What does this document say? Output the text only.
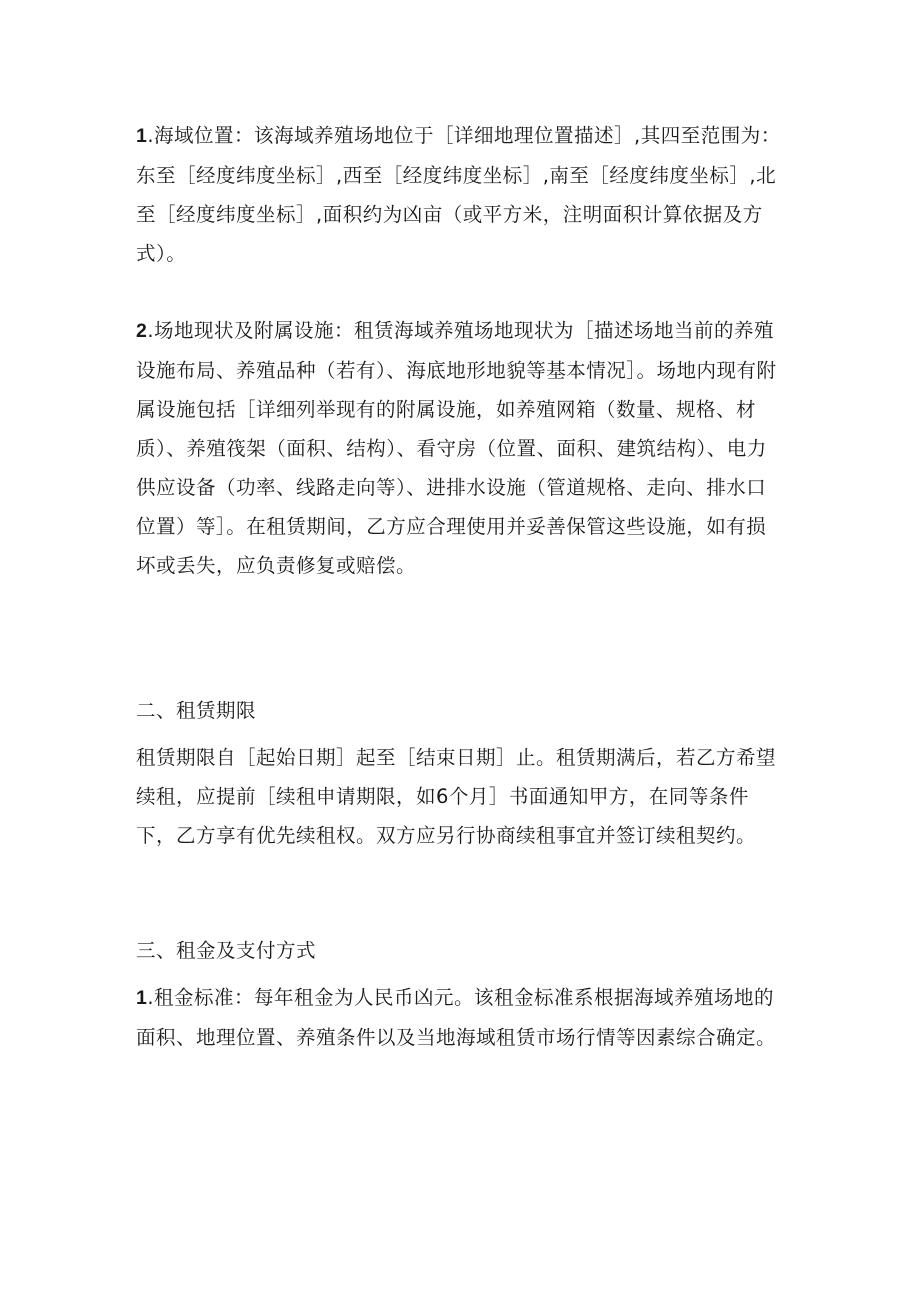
1.海域位置：该海域养殖场地位于［详细地理位置描述］,其四至范围为：东至［经度纬度坐标］,西至［经度纬度坐标］,南至［经度纬度坐标］,北至［经度纬度坐标］,面积约为凶亩（或平方米，注明面积计算依据及方式）。

2.场地现状及附属设施：租赁海域养殖场地现状为［描述场地当前的养殖设施布局、养殖品种（若有）、海底地形地貌等基本情况］。场地内现有附属设施包括［详细列举现有的附属设施，如养殖网箱（数量、规格、材质）、养殖筏架（面积、结构）、看守房（位置、面积、建筑结构）、电力供应设备（功率、线路走向等）、进排水设施（管道规格、走向、排水口位置）等］。在租赁期间，乙方应合理使用并妥善保管这些设施，如有损坏或丢失，应负责修复或赔偿。

二、租赁期限

租赁期限自［起始日期］起至［结束日期］止。租赁期满后，若乙方希望续租，应提前［续租申请期限，如6个月］书面通知甲方，在同等条件下，乙方享有优先续租权。双方应另行协商续租事宜并签订续租契约。

三、租金及支付方式

1.租金标准：每年租金为人民币凶元。该租金标准系根据海域养殖场地的面积、地理位置、养殖条件以及当地海域租赁市场行情等因素综合确定。
